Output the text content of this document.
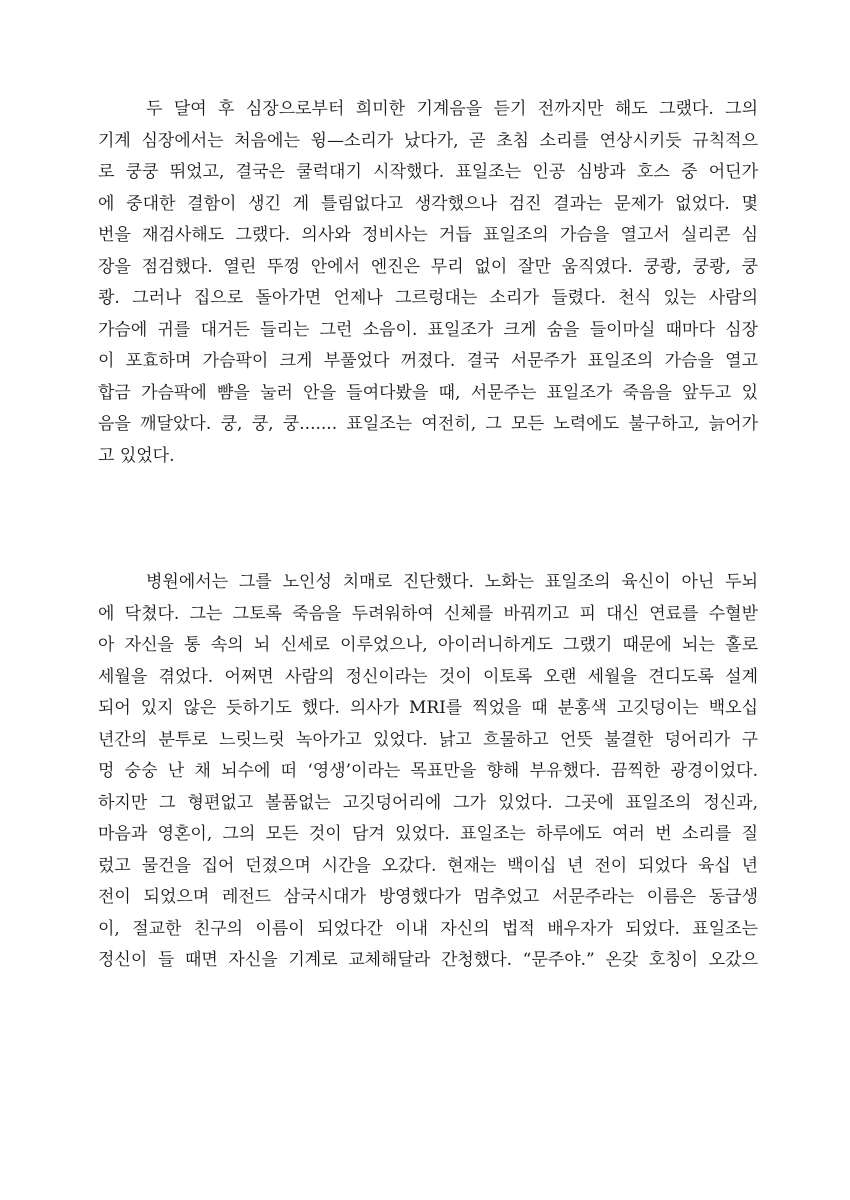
두 달여 후 심장으로부터 희미한 기계음을 듣기 전까지만 해도 그랬다. 그의
기계 심장에서는 처음에는 윙—소리가 났다가, 곧 초침 소리를 연상시키듯 규칙적으
로 쿵쿵 뛰었고, 결국은 쿨럭대기 시작했다. 표일조는 인공 심방과 호스 중 어딘가
에 중대한 결함이 생긴 게 틀림없다고 생각했으나 검진 결과는 문제가 없었다. 몇
번을 재검사해도 그랬다. 의사와 정비사는 거듭 표일조의 가슴을 열고서 실리콘 심
장을 점검했다. 열린 뚜껑 안에서 엔진은 무리 없이 잘만 움직였다. 쿵쾅, 쿵쾅, 쿵
쾅. 그러나 집으로 돌아가면 언제나 그르렁대는 소리가 들렸다. 천식 있는 사람의
가슴에 귀를 대거든 들리는 그런 소음이. 표일조가 크게 숨을 들이마실 때마다 심장
이 포효하며 가슴팍이 크게 부풀었다 꺼졌다. 결국 서문주가 표일조의 가슴을 열고
합금 가슴팍에 뺨을 눌러 안을 들여다봤을 때, 서문주는 표일조가 죽음을 앞두고 있
음을 깨달았다. 쿵, 쿵, 쿵....... 표일조는 여전히, 그 모든 노력에도 불구하고, 늙어가
고 있었다.
병원에서는 그를 노인성 치매로 진단했다. 노화는 표일조의 육신이 아닌 두뇌
에 닥쳤다. 그는 그토록 죽음을 두려워하여 신체를 바꿔끼고 피 대신 연료를 수혈받
아 자신을 통 속의 뇌 신세로 이루었으나, 아이러니하게도 그랬기 때문에 뇌는 홀로
세월을 겪었다. 어쩌면 사람의 정신이라는 것이 이토록 오랜 세월을 견디도록 설계
되어 있지 않은 듯하기도 했다. 의사가 MRI를 찍었을 때 분홍색 고깃덩이는 백오십
년간의 분투로 느릿느릿 녹아가고 있었다. 낡고 흐물하고 언뜻 불결한 덩어리가 구
멍 숭숭 난 채 뇌수에 떠 ‘영생’이라는 목표만을 향해 부유했다. 끔찍한 광경이었다.
하지만 그 형편없고 볼품없는 고깃덩어리에 그가 있었다. 그곳에 표일조의 정신과,
마음과 영혼이, 그의 모든 것이 담겨 있었다. 표일조는 하루에도 여러 번 소리를 질
렀고 물건을 집어 던졌으며 시간을 오갔다. 현재는 백이십 년 전이 되었다 육십 년
전이 되었으며 레전드 삼국시대가 방영했다가 멈추었고 서문주라는 이름은 동급생
이, 절교한 친구의 이름이 되었다간 이내 자신의 법적 배우자가 되었다. 표일조는
정신이 들 때면 자신을 기계로 교체해달라 간청했다. “문주야.” 온갖 호칭이 오갔으
